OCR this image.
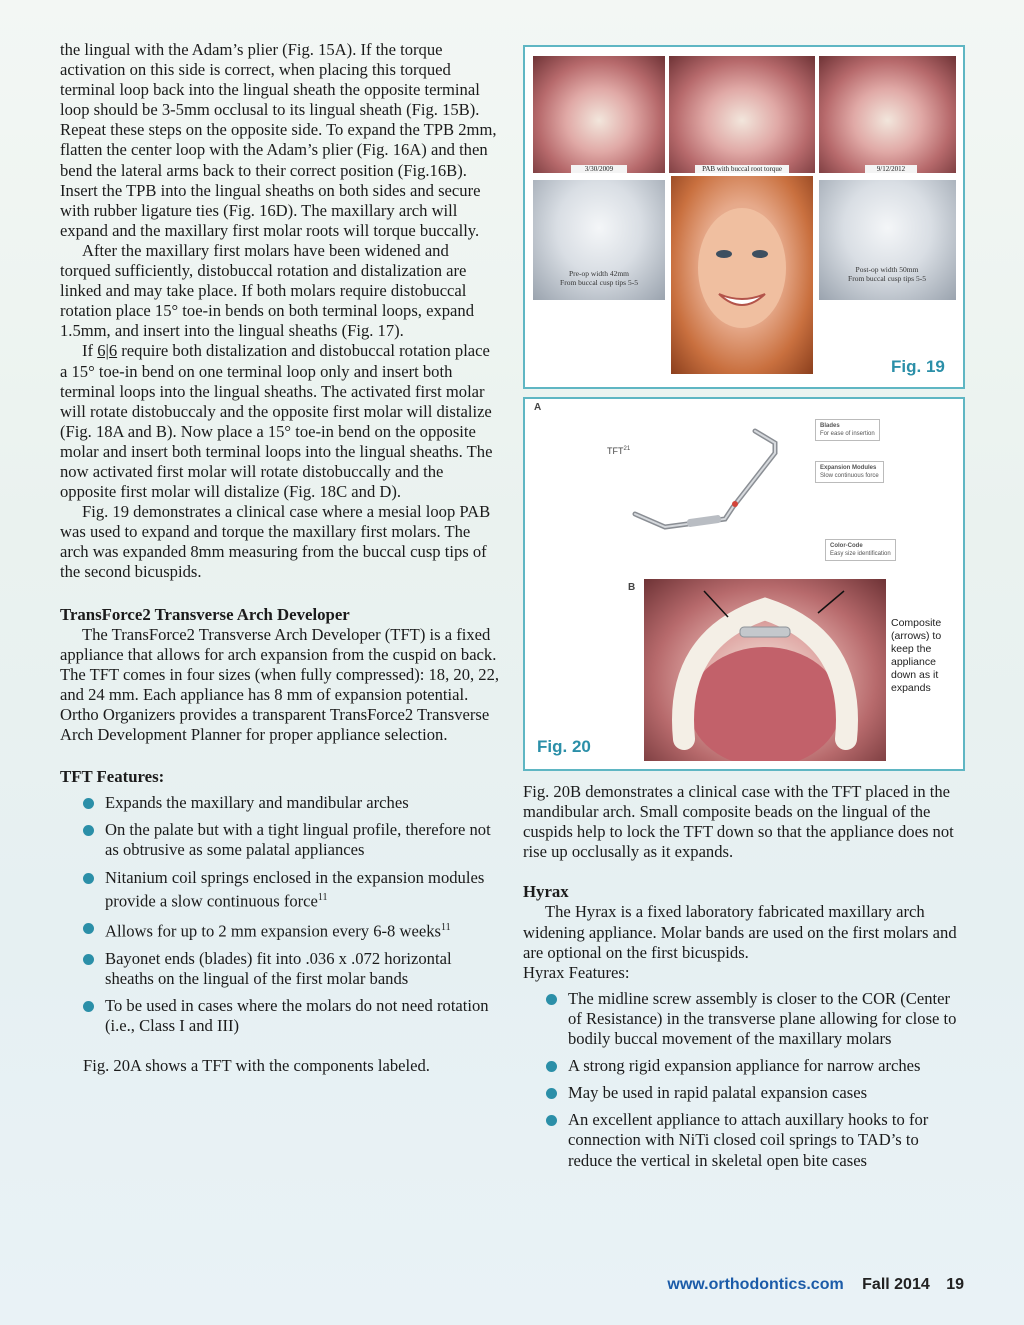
the lingual with the Adam’s plier (Fig. 15A). If the torque activation on this side is correct, when placing this torqued terminal loop back into the lingual sheath the opposite terminal loop should be 3-5mm occlusal to its lingual sheath (Fig. 15B). Repeat these steps on the opposite side. To expand the TPB 2mm, flatten the center loop with the Adam’s plier (Fig. 16A) and then bend the lateral arms back to their correct position (Fig.16B). Insert the TPB into the lingual sheaths on both sides and secure with rubber ligature ties (Fig. 16D). The maxillary arch will expand and the maxillary first molar roots will torque buccally.

After the maxillary first molars have been widened and torqued sufficiently, distobuccal rotation and distalization are linked and may take place. If both molars require distobuccal rotation place 15° toe-in bends on both terminal loops, expand 1.5mm, and insert into the lingual sheaths (Fig. 17).

If 6|6 require both distalization and distobuccal rotation place a 15° toe-in bend on one terminal loop only and insert both terminal loops into the lingual sheaths. The activated first molar will rotate distobuccaly and the opposite first molar will distalize (Fig. 18A and B). Now place a 15° toe-in bend on the opposite molar and insert both terminal loops into the lingual sheaths. The now activated first molar will rotate distobuccally and the opposite first molar will distalize (Fig. 18C and D).

Fig. 19 demonstrates a clinical case where a mesial loop PAB was used to expand and torque the maxillary first molars. The arch was expanded 8mm measuring from the buccal cusp tips of the second bicuspids.

TransForce2 Transverse Arch Developer

The TransForce2 Transverse Arch Developer (TFT) is a fixed appliance that allows for arch expansion from the cuspid on back. The TFT comes in four sizes (when fully compressed): 18, 20, 22, and 24 mm. Each appliance has 8 mm of expansion potential. Ortho Organizers provides a transparent TransForce2 Transverse Arch Development Planner for proper appliance selection.

TFT Features:
Expands the maxillary and mandibular arches
On the palate but with a tight lingual profile, therefore not as obtrusive as some palatal appliances
Nitanium coil springs enclosed in the expansion modules provide a slow continuous force$^{11}$
Allows for up to 2 mm expansion every 6-8 weeks$^{11}$
Bayonet ends (blades) fit into .036 x .072 horizontal sheaths on the lingual of the first molar bands
To be used in cases where the molars do not need rotation (i.e., Class I and III)

Fig. 20A shows a TFT with the components labeled.

3/30/2009	PAB with buccal root torque	9/12/2012
Pre-op width 42mm
From buccal cusp tips 5-5
Post-op width 50mm
From buccal cusp tips 5-5
Fig. 19
A
TFT$^{21}$
Blades
For ease of insertion
Expansion Modules
Slow continuous force
Color-Code
Easy size identification
B
Composite (arrows) to keep the appliance down as it expands
Fig. 20

Fig. 20B demonstrates a clinical case with the TFT placed in the mandibular arch. Small composite beads on the lingual of the cuspids help to lock the TFT down so that the appliance does not rise up occlusally as it expands.

Hyrax

The Hyrax is a fixed laboratory fabricated maxillary arch widening appliance. Molar bands are used on the first molars and are optional on the first bicuspids.

Hyrax Features:

The midline screw assembly is closer to the COR (Center of Resistance) in the transverse plane allowing for close to bodily buccal movement of the maxillary molars
A strong rigid expansion appliance for narrow arches
May be used in rapid palatal expansion cases
An excellent appliance to attach auxillary hooks to for connection with NiTi closed coil springs to TAD’s to reduce the vertical in skeletal open bite cases
www.orthodontics.com Fall 2014 19
